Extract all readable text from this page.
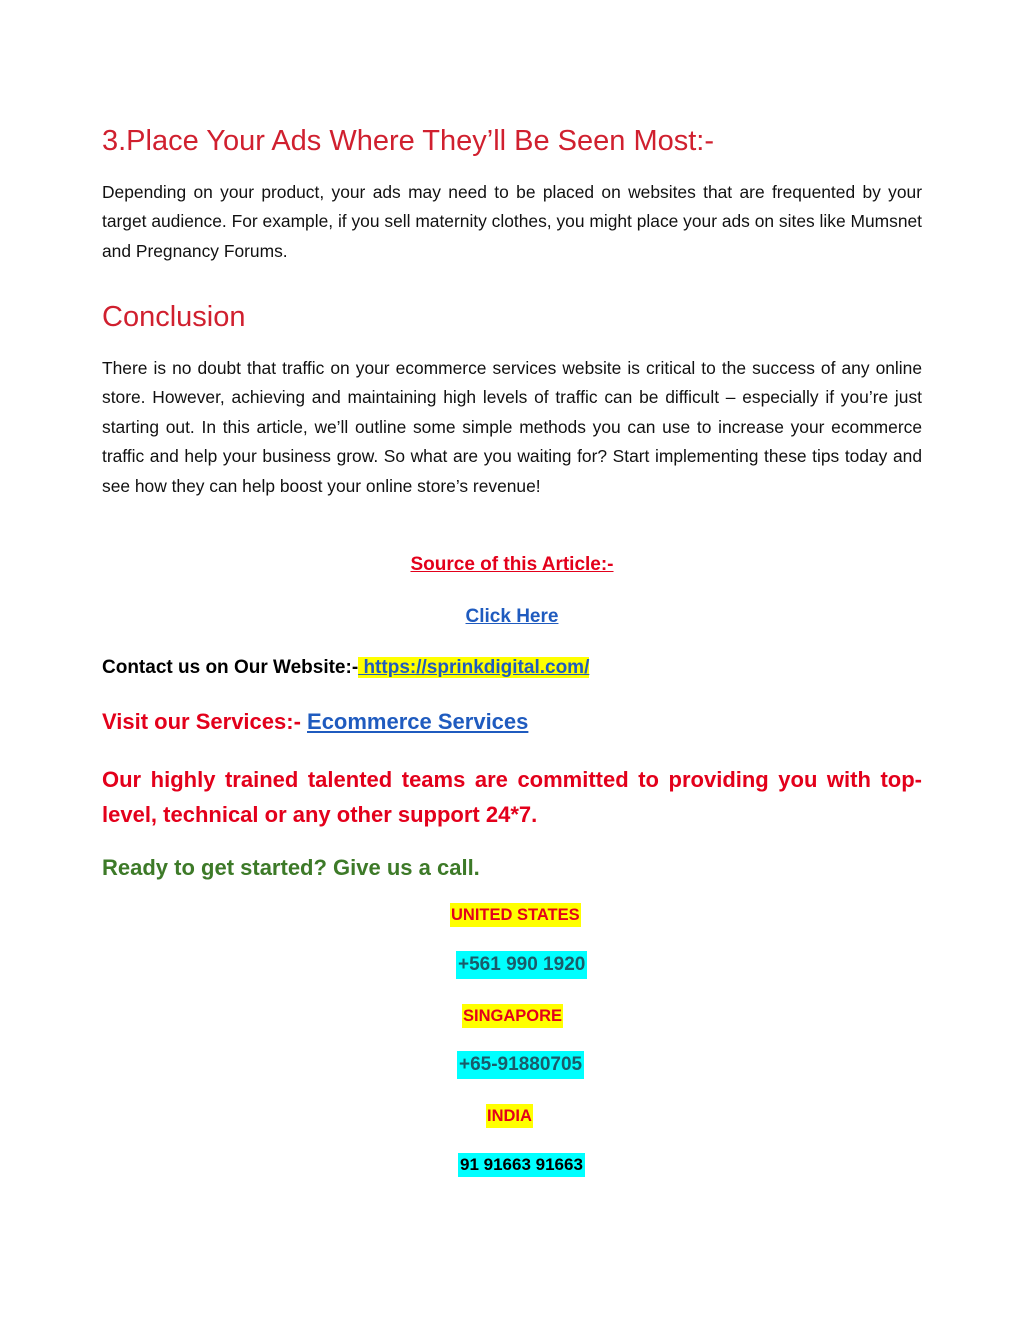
3.Place Your Ads Where They’ll Be Seen Most:-

Depending on your product, your ads may need to be placed on websites that are frequented by your target audience. For example, if you sell maternity clothes, you might place your ads on sites like Mumsnet and Pregnancy Forums.

Conclusion

There is no doubt that traffic on your ecommerce services website is critical to the success of any online store. However, achieving and maintaining high levels of traffic can be difficult – especially if you’re just starting out. In this article, we’ll outline some simple methods you can use to increase your ecommerce traffic and help your business grow. So what are you waiting for? Start implementing these tips today and see how they can help boost your online store’s revenue!

Source of this Article:-

Click Here

Contact us on Our Website:- https://sprinkdigital.com/

Visit our Services:- Ecommerce Services

Our highly trained talented teams are committed to providing you with top-level, technical or any other support 24*7.

Ready to get started? Give us a call.

UNITED STATES
+561 990 1920
SINGAPORE
+65-91880705
INDIA
91 91663 91663
